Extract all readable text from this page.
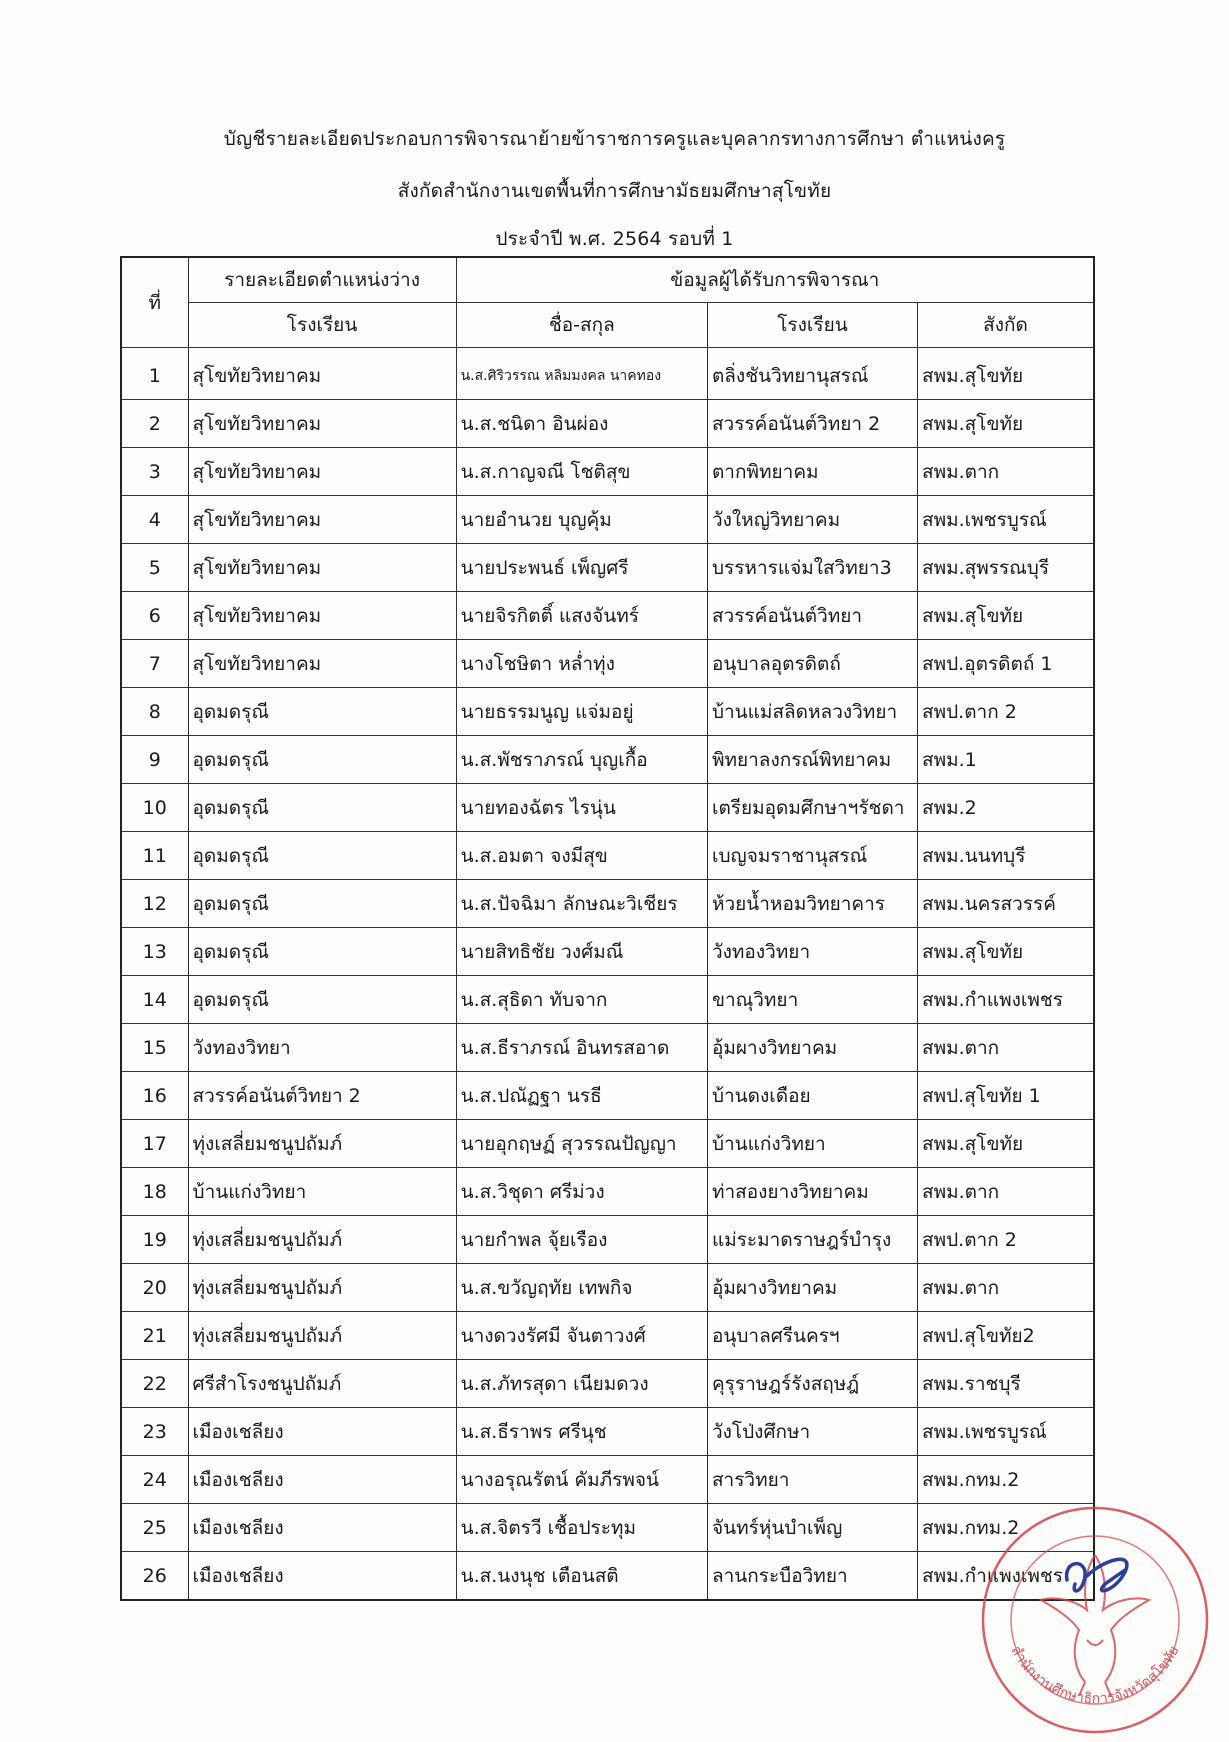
บัญชีรายละเอียดประกอบการพิจารณาย้ายข้าราชการครูและบุคลากรทางการศึกษา ตำแหน่งครู
สังกัดสำนักงานเขตพื้นที่การศึกษามัธยมศึกษาสุโขทัย
ประจำปี พ.ศ. 2564 รอบที่ 1
ที่	รายละเอียดตำแหน่งว่าง	ข้อมูลผู้ได้รับการพิจารณา		
	โรงเรียน	ชื่อ-สกุล	โรงเรียน	สังกัด
1	สุโขทัยวิทยาคม	น.ส.ศิริวรรณ หลิมมงคล นาคทอง	ตลิ่งชันวิทยานุสรณ์	สพม.สุโขทัย
2	สุโขทัยวิทยาคม	น.ส.ชนิดา อินผ่อง	สวรรค์อนันต์วิทยา 2	สพม.สุโขทัย
3	สุโขทัยวิทยาคม	น.ส.กาญจณี โชติสุข	ตากพิทยาคม	สพม.ตาก
4	สุโขทัยวิทยาคม	นายอำนวย บุญคุ้ม	วังใหญ่วิทยาคม	สพม.เพชรบูรณ์
5	สุโขทัยวิทยาคม	นายประพนธ์ เพ็ญศรี	บรรหารแจ่มใสวิทยา3	สพม.สุพรรณบุรี
6	สุโขทัยวิทยาคม	นายจิรกิตติ์ แสงจันทร์	สวรรค์อนันต์วิทยา	สพม.สุโขทัย
7	สุโขทัยวิทยาคม	นางโชษิตา หล่ำทุ่ง	อนุบาลอุตรดิตถ์	สพป.อุตรดิตถ์ 1
8	อุดมดรุณี	นายธรรมนูญ แจ่มอยู่	บ้านแม่สลิดหลวงวิทยา	สพป.ตาก 2
9	อุดมดรุณี	น.ส.พัชราภรณ์ บุญเกื้อ	พิทยาลงกรณ์พิทยาคม	สพม.1
10	อุดมดรุณี	นายทองฉัตร ไรนุ่น	เตรียมอุดมศึกษาฯรัชดา	สพม.2
11	อุดมดรุณี	น.ส.อมตา จงมีสุข	เบญจมราชานุสรณ์	สพม.นนทบุรี
12	อุดมดรุณี	น.ส.ปัจฉิมา ลักษณะวิเชียร	ห้วยน้ำหอมวิทยาคาร	สพม.นครสวรรค์
13	อุดมดรุณี	นายสิทธิชัย วงศ์มณี	วังทองวิทยา	สพม.สุโขทัย
14	อุดมดรุณี	น.ส.สุธิดา ทับจาก	ขาณุวิทยา	สพม.กำแพงเพชร
15	วังทองวิทยา	น.ส.ธีราภรณ์ อินทรสอาด	อุ้มผางวิทยาคม	สพม.ตาก
16	สวรรค์อนันต์วิทยา 2	น.ส.ปณัฏฐา นรธี	บ้านดงเดือย	สพป.สุโขทัย 1
17	ทุ่งเสลี่ยมชนูปถัมภ์	นายอุกฤษฏ์ สุวรรณปัญญา	บ้านแก่งวิทยา	สพม.สุโขทัย
18	บ้านแก่งวิทยา	น.ส.วิชุดา ศรีม่วง	ท่าสองยางวิทยาคม	สพม.ตาก
19	ทุ่งเสลี่ยมชนูปถัมภ์	นายกำพล จุ้ยเรือง	แม่ระมาดราษฎร์บำรุง	สพป.ตาก 2
20	ทุ่งเสลี่ยมชนูปถัมภ์	น.ส.ขวัญฤทัย เทพกิจ	อุ้มผางวิทยาคม	สพม.ตาก
21	ทุ่งเสลี่ยมชนูปถัมภ์	นางดวงรัศมี จันตาวงศ์	อนุบาลศรีนครฯ	สพป.สุโขทัย2
22	ศรีสำโรงชนูปถัมภ์	น.ส.ภัทรสุดา เนียมดวง	คุรุราษฎร์รังสฤษฎ์	สพม.ราชบุรี
23	เมืองเชลียง	น.ส.ธีราพร ศรีนุช	วังโป่งศึกษา	สพม.เพชรบูรณ์
24	เมืองเชลียง	นางอรุณรัตน์ คัมภีรพจน์	สารวิทยา	สพม.กทม.2
25	เมืองเชลียง	น.ส.จิตรวี เชื้อประทุม	จันทร์หุ่นบำเพ็ญ	สพม.กทม.2
26	เมืองเชลียง	น.ส.นงนุช เตือนสติ	ลานกระบือวิทยา	สพม.กำแพงเพชร
สำนักงานศึกษาธิการจังหวัดสุโขทัย
